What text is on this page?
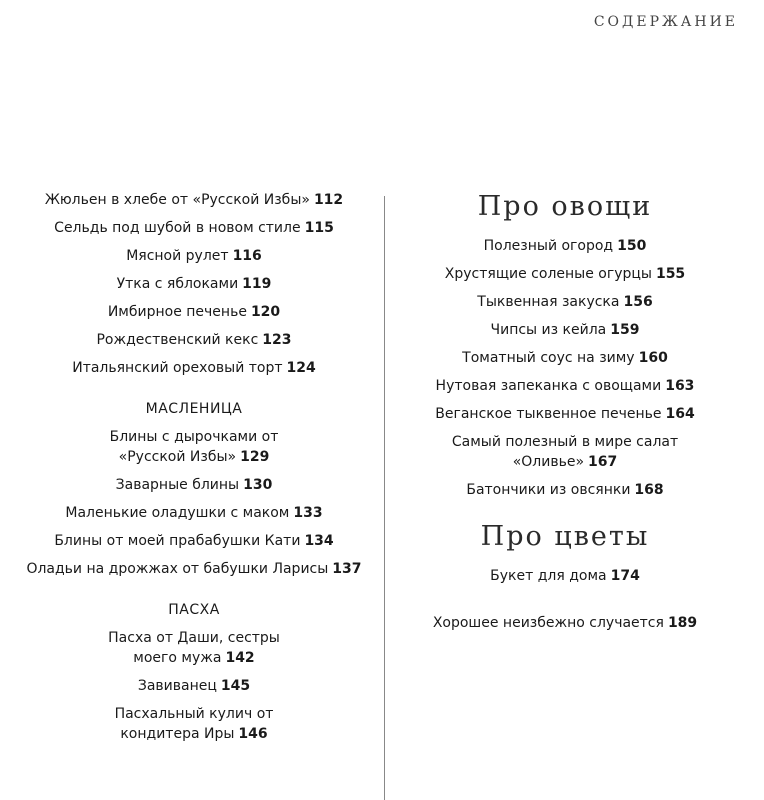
СОДЕРЖАНИЕ
Жюльен в хлебе от «Русской Избы» 112
Сельдь под шубой в новом стиле 115
Мясной рулет 116
Утка с яблоками 119
Имбирное печенье 120
Рождественский кекс 123
Итальянский ореховый торт 124
МАСЛЕНИЦА
Блины с дырочками от
«Русской Избы» 129
Заварные блины 130
Маленькие оладушки с маком 133
Блины от моей прабабушки Кати 134
Оладьи на дрожжах от бабушки Ларисы 137
ПАСХА
Пасха от Даши, сестры
моего мужа 142
Завиванец 145
Пасхальный кулич от
кондитера Иры 146
Про овощи
Полезный огород 150
Хрустящие соленые огурцы 155
Тыквенная закуска 156
Чипсы из кейла 159
Томатный соус на зиму 160
Нутовая запеканка с овощами 163
Веганское тыквенное печенье 164
Самый полезный в мире салат
«Оливье» 167
Батончики из овсянки 168
Про цветы
Букет для дома 174
Хорошее неизбежно случается 189
